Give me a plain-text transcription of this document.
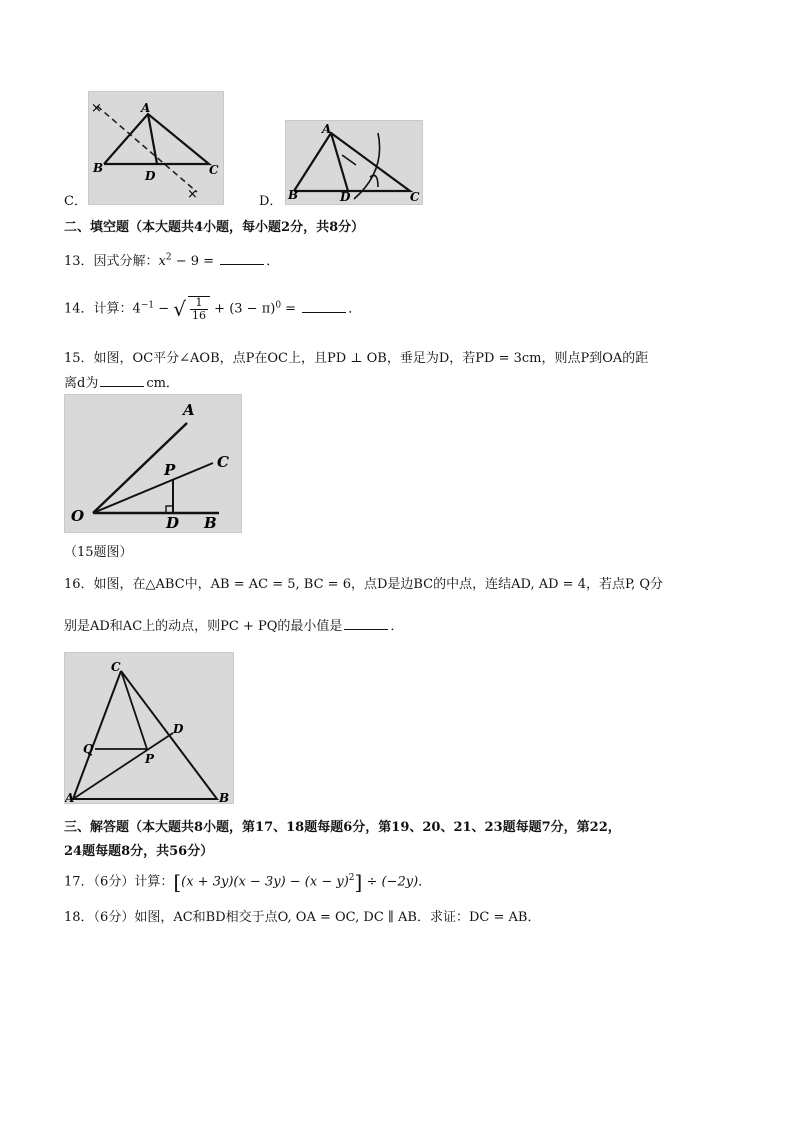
×
×
A
B	C
D
C．
A
B	C
D
D．
二、填空题（本大题共4小题，每小题2分，共8分）
13．因式分解：$x^2 - 9$ =	．
14．计算：$4^{-1}$ − √ $\frac{1}{16} + (3 - \pi)^0$ =	．
15．如图，OC平分∠AOB，点P在OC上，且PD ⊥ OB，垂足为D，若PD = 3cm，则点P到OA的距
离d为	cm．
A
C
P
O	D B
（15题图）
16．如图，在△ABC中，AB = AC = 5, BC = 6，点D是边BC的中点，连结AD, AD = 4，若点P, Q分
别是AD和AC上的动点，则PC + PQ的最小值是	．
C
D
Q
P
A	B
三、解答题（本大题共8小题，第17、18题每题6分，第19、20、21、23题每题7分，第22，
24题每题8分，共56分）
17．（6分）计算：$[(x + 3y)(x - 3y) - (x - y)^2] \div (-2y)$．
18．（6分）如图，AC和BD相交于点O, OA = OC, DC ∥ AB．求证：DC = AB．
